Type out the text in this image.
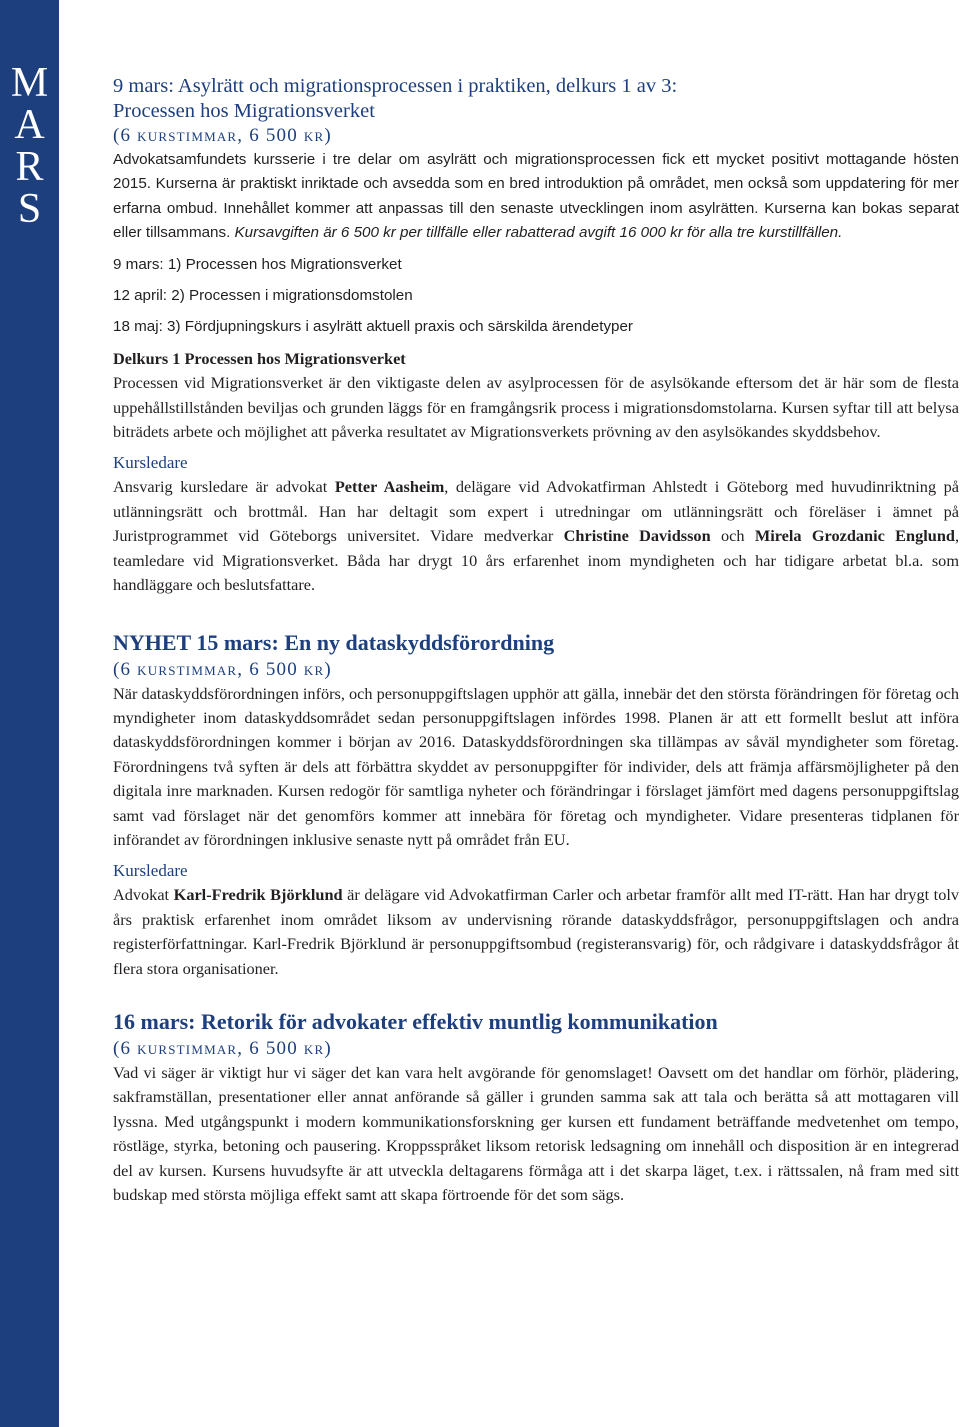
M
A
R
S
9 mars: Asylrätt och migrationsprocessen i praktiken, delkurs 1 av 3:
Processen hos Migrationsverket
(6 kurstimmar, 6 500 kr)

Advokatsamfundets kursserie i tre delar om asylrätt och migrationsprocessen fick ett mycket positivt mottagande hösten 2015. Kurserna är praktiskt inriktade och avsedda som en bred introduktion på området, men också som uppdatering för mer erfarna ombud. Innehållet kommer att anpassas till den senaste utvecklingen inom asylrätten. Kurserna kan bokas separat eller tillsammans. Kursavgiften är 6 500 kr per tillfälle eller rabatterad avgift 16 000 kr för alla tre kurstillfällen.

9 mars: 1) Processen hos Migrationsverket

12 april: 2) Processen i migrationsdomstolen

18 maj: 3) Fördjupningskurs i asylrätt aktuell praxis och särskilda ärendetyper

Delkurs 1 Processen hos Migrationsverket

Processen vid Migrationsverket är den viktigaste delen av asylprocessen för de asylsökande eftersom det är här som de flesta uppehållstillstånden beviljas och grunden läggs för en framgångsrik process i migrationsdomstolarna. Kursen syftar till att belysa biträdets arbete och möjlighet att påverka resultatet av Migrationsverkets prövning av den asylsökandes skyddsbehov.

Kursledare

Ansvarig kursledare är advokat Petter Aasheim, delägare vid Advokatfirman Ahlstedt i Göteborg med huvudinriktning på utlänningsrätt och brottmål. Han har deltagit som expert i utredningar om utlänningsrätt och föreläser i ämnet på Juristprogrammet vid Göteborgs universitet. Vidare medverkar Christine Davidsson och Mirela Grozdanic Englund, teamledare vid Migrationsverket. Båda har drygt 10 års erfarenhet inom myndigheten och har tidigare arbetat bl.a. som handläggare och beslutsfattare.

NYHET 15 mars: En ny dataskyddsförordning
(6 kurstimmar, 6 500 kr)

När dataskyddsförordningen införs, och personuppgiftslagen upphör att gälla, innebär det den största förändringen för företag och myndigheter inom dataskyddsområdet sedan personuppgiftslagen infördes 1998. Planen är att ett formellt beslut att införa dataskyddsförordningen kommer i början av 2016. Dataskyddsförordningen ska tillämpas av såväl myndigheter som företag. Förordningens två syften är dels att förbättra skyddet av personuppgifter för individer, dels att främja affärsmöjligheter på den digitala inre marknaden. Kursen redogör för samtliga nyheter och förändringar i förslaget jämfört med dagens personuppgiftslag samt vad förslaget när det genomförs kommer att innebära för företag och myndigheter. Vidare presenteras tidplanen för införandet av förordningen inklusive senaste nytt på området från EU.

Kursledare

Advokat Karl-Fredrik Björklund är delägare vid Advokatfirman Carler och arbetar framför allt med IT-rätt. Han har drygt tolv års praktisk erfarenhet inom området liksom av undervisning rörande dataskyddsfrågor, personuppgiftslagen och andra registerförfattningar. Karl-Fredrik Björklund är personuppgiftsombud (registeransvarig) för, och rådgivare i dataskyddsfrågor åt flera stora organisationer.

16 mars: Retorik för advokater effektiv muntlig kommunikation
(6 kurstimmar, 6 500 kr)

Vad vi säger är viktigt hur vi säger det kan vara helt avgörande för genomslaget! Oavsett om det handlar om förhör, plädering, sakframställan, presentationer eller annat anförande så gäller i grunden samma sak att tala och berätta så att mottagaren vill lyssna. Med utgångspunkt i modern kommunikationsforskning ger kursen ett fundament beträffande medvetenhet om tempo, röstläge, styrka, betoning och pausering. Kroppsspråket liksom retorisk ledsagning om innehåll och disposition är en integrerad del av kursen. Kursens huvudsyfte är att utveckla deltagarens förmåga att i det skarpa läget, t.ex. i rättssalen, nå fram med sitt budskap med största möjliga effekt samt att skapa förtroende för det som sägs.
